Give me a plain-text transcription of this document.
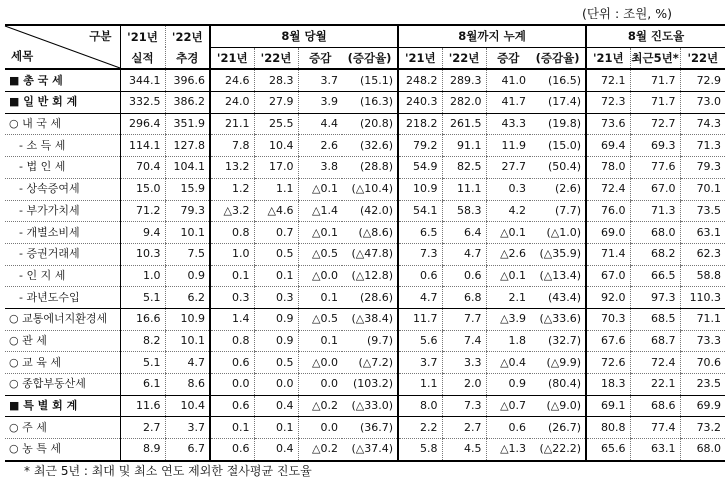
(단위 : 조원, %)
구분
세목	'21년	'22년	8월 당월				8월까지 누계				8월 진도율		
	실적	추경	'21년	'22년	증감	(증감율)	'21년	'22년	증감	(증감율)	'21년	최근5년*	'22년
■ 총 국 세	344.1	396.6	24.6	28.3	3.7	(15.1)	248.2	289.3	41.0	(16.5)	72.1	71.7	72.9
■ 일 반 회 계	332.5	386.2	24.0	27.9	3.9	(16.3)	240.3	282.0	41.7	(17.4)	72.3	71.7	73.0
○ 내 국 세	296.4	351.9	21.1	25.5	4.4	(20.8)	218.2	261.5	43.3	(19.8)	73.6	72.7	74.3
- 소 득 세	114.1	127.8	7.8	10.4	2.6	(32.6)	79.2	91.1	11.9	(15.0)	69.4	69.3	71.3
- 법 인 세	70.4	104.1	13.2	17.0	3.8	(28.8)	54.9	82.5	27.7	(50.4)	78.0	77.6	79.3
- 상속증여세	15.0	15.9	1.2	1.1	△0.1	(△10.4)	10.9	11.1	0.3	(2.6)	72.4	67.0	70.1
- 부가가치세	71.2	79.3	△3.2	△4.6	△1.4	(42.0)	54.1	58.3	4.2	(7.7)	76.0	71.3	73.5
- 개별소비세	9.4	10.1	0.8	0.7	△0.1	(△8.6)	6.5	6.4	△0.1	(△1.0)	69.0	68.0	63.1
- 증권거래세	10.3	7.5	1.0	0.5	△0.5	(△47.8)	7.3	4.7	△2.6	(△35.9)	71.4	68.2	62.3
- 인 지 세	1.0	0.9	0.1	0.1	△0.0	(△12.8)	0.6	0.6	△0.1	(△13.4)	67.0	66.5	58.8
- 과년도수입	5.1	6.2	0.3	0.3	0.1	(28.6)	4.7	6.8	2.1	(43.4)	92.0	97.3	110.3
○ 교통에너지환경세	16.6	10.9	1.4	0.9	△0.5	(△38.4)	11.7	7.7	△3.9	(△33.6)	70.3	68.5	71.1
○ 관 세	8.2	10.1	0.8	0.9	0.1	(9.7)	5.6	7.4	1.8	(32.7)	67.6	68.7	73.3
○ 교 육 세	5.1	4.7	0.6	0.5	△0.0	(△7.2)	3.7	3.3	△0.4	(△9.9)	72.6	72.4	70.6
○ 종합부동산세	6.1	8.6	0.0	0.0	0.0	(103.2)	1.1	2.0	0.9	(80.4)	18.3	22.1	23.5
■ 특 별 회 계	11.6	10.4	0.6	0.4	△0.2	(△33.0)	8.0	7.3	△0.7	(△9.0)	69.1	68.6	69.9
○ 주 세	2.7	3.7	0.1	0.1	0.0	(36.7)	2.2	2.7	0.6	(26.7)	80.8	77.4	73.2
○ 농 특 세	8.9	6.7	0.6	0.4	△0.2	(△37.4)	5.8	4.5	△1.3	(△22.2)	65.6	63.1	68.0
* 최근 5년 : 최대 및 최소 연도 제외한 절사평균 진도율
